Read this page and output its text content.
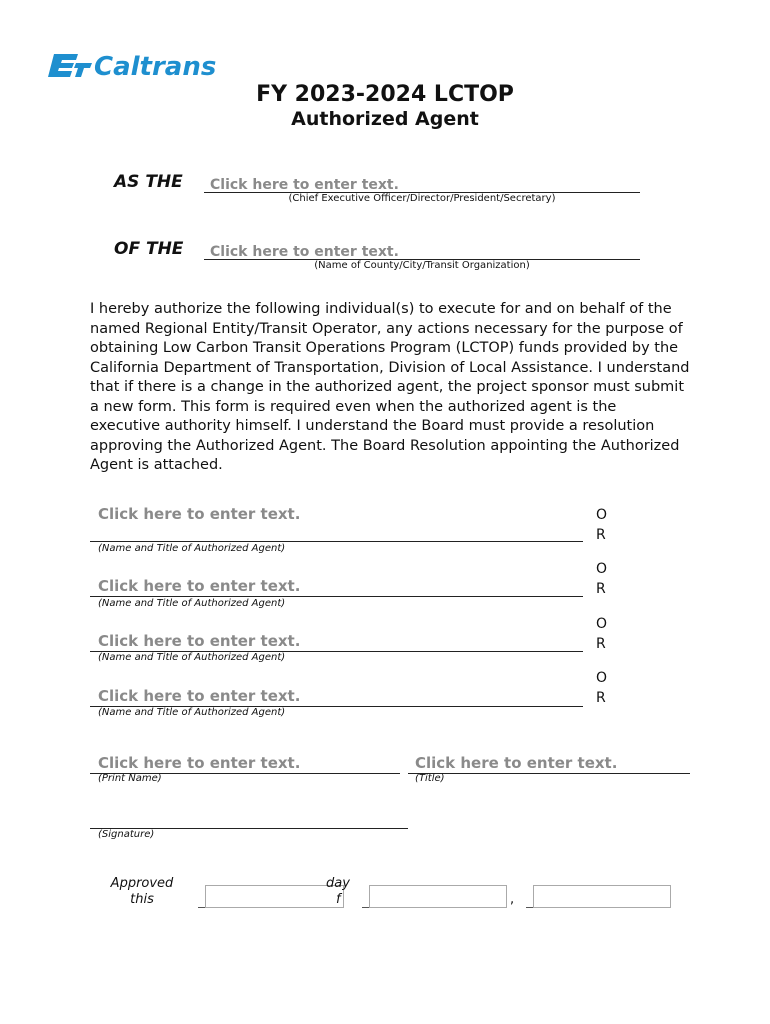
Caltrans
FY 2023-2024 LCTOP
Authorized Agent
AS THE	Click here to enter text.
(Chief Executive Officer/Director/President/Secretary)
OF THE	Click here to enter text.
(Name of County/City/Transit Organization)
I hereby authorize the following individual(s) to execute for and on behalf of the named Regional Entity/Transit Operator, any actions necessary for the purpose of obtaining Low Carbon Transit Operations Program (LCTOP) funds provided by the California Department of Transportation, Division of Local Assistance. I understand that if there is a change in the authorized agent, the project sponsor must submit a new form. This form is required even when the authorized agent is the executive authority himself. I understand the Board must provide a resolution approving the Authorized Agent. The Board Resolution appointing the Authorized Agent is attached.
Click here to enter text.
(Name and Title of Authorized Agent)
O
R
Click here to enter text.
(Name and Title of Authorized Agent)
O
R
Click here to enter text.
(Name and Title of Authorized Agent)
O
R
Click here to enter text.
(Name and Title of Authorized Agent)
O
R
Click here to enter text.
(Print Name)
Click here to enter text.
(Title)
(Signature)
Approved
this
day
f	,
